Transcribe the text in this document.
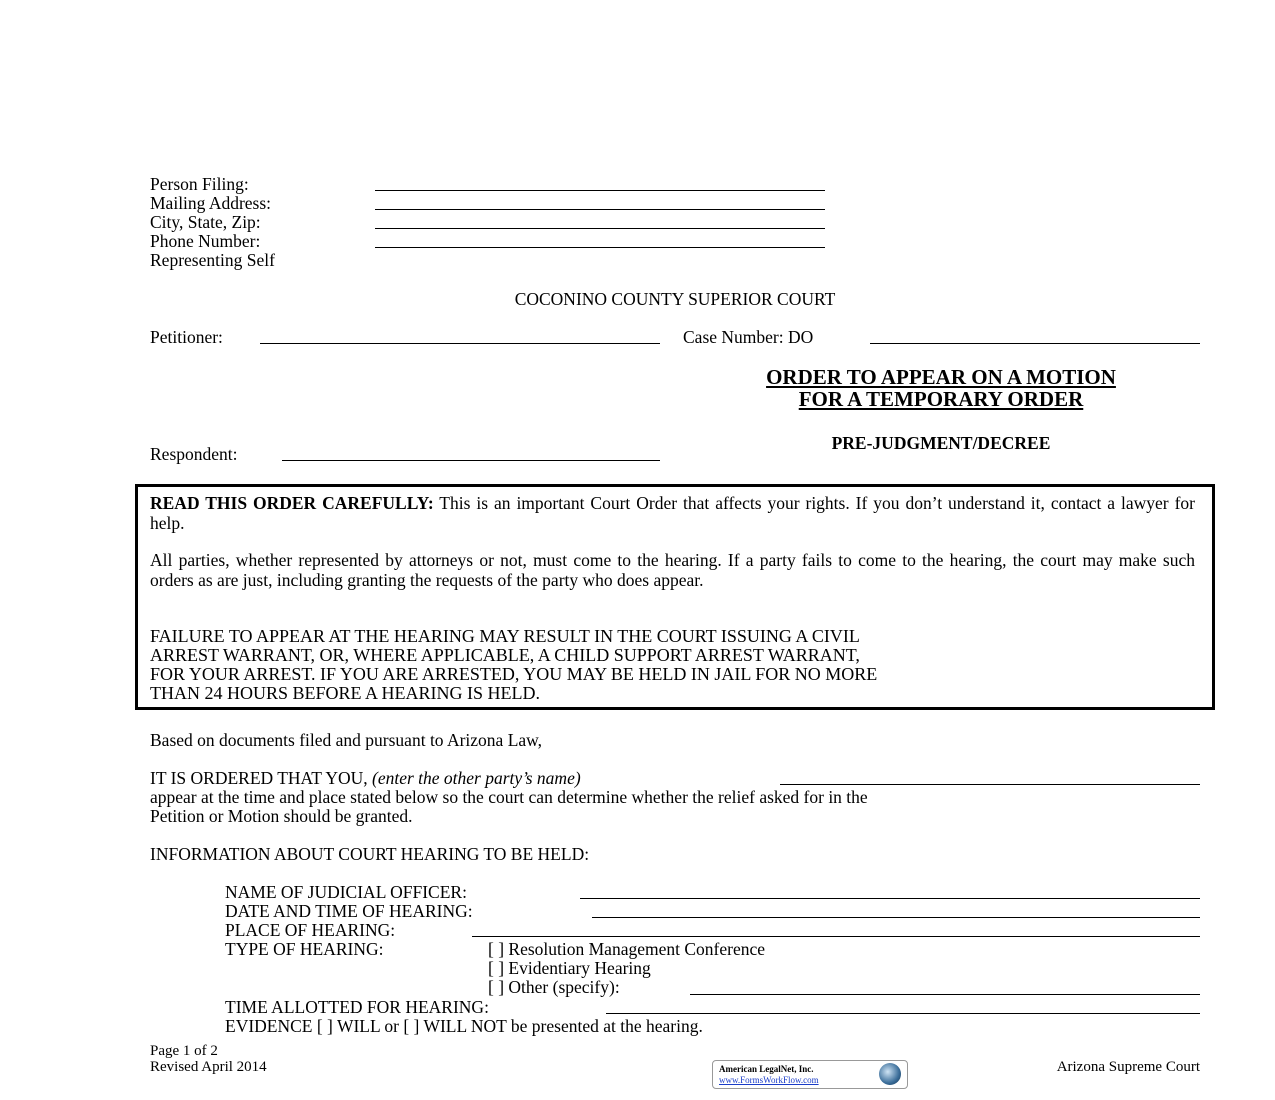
Person Filing:
Mailing Address:
City, State, Zip:
Phone Number:
Representing Self
COCONINO COUNTY SUPERIOR COURT
Petitioner:	Case Number: DO
ORDER TO APPEAR ON A MOTION
FOR A TEMPORARY ORDER
PRE-JUDGMENT/DECREE
Respondent:
READ THIS ORDER CAREFULLY: This is an important Court Order that affects your rights. If you don’t understand it, contact a lawyer for help.
All parties, whether represented by attorneys or not, must come to the hearing. If a party fails to come to the hearing, the court may make such orders as are just, including granting the requests of the party who does appear.
FAILURE TO APPEAR AT THE HEARING MAY RESULT IN THE COURT ISSUING A CIVIL
ARREST WARRANT, OR, WHERE APPLICABLE, A CHILD SUPPORT ARREST WARRANT,
FOR YOUR ARREST. IF YOU ARE ARRESTED, YOU MAY BE HELD IN JAIL FOR NO MORE
THAN 24 HOURS BEFORE A HEARING IS HELD.
Based on documents filed and pursuant to Arizona Law,
IT IS ORDERED THAT YOU, (enter the other party’s name)
appear at the time and place stated below so the court can determine whether the relief asked for in the
Petition or Motion should be granted.
INFORMATION ABOUT COURT HEARING TO BE HELD:
NAME OF JUDICIAL OFFICER:
DATE AND TIME OF HEARING:
PLACE OF HEARING:
TYPE OF HEARING:	[ ] Resolution Management Conference
[ ] Evidentiary Hearing
[ ] Other (specify):
TIME ALLOTTED FOR HEARING:
EVIDENCE [ ] WILL or [ ] WILL NOT be presented at the hearing.
Page 1 of 2
Revised April 2014	Arizona Supreme Court
American LegalNet, Inc.
www.FormsWorkFlow.com
